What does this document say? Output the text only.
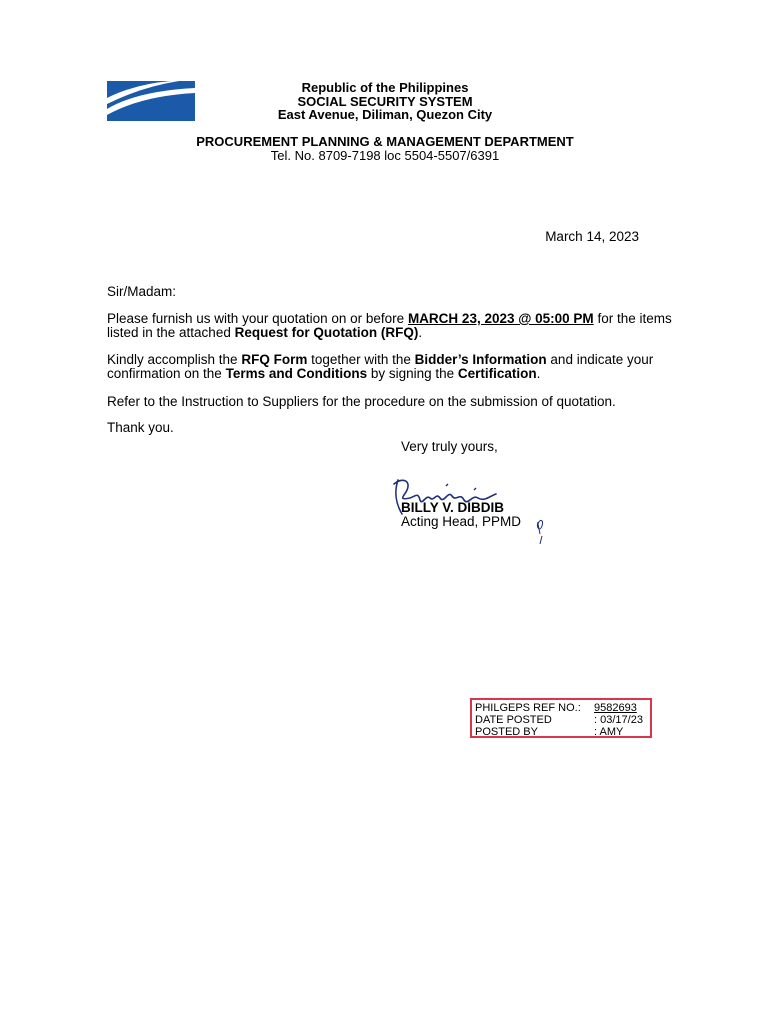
Republic of the Philippines

SOCIAL SECURITY SYSTEM

East Avenue, Diliman, Quezon City

PROCUREMENT PLANNING & MANAGEMENT DEPARTMENT

Tel. No. 8709-7198 loc 5504-5507/6391

March 14, 2023

Sir/Madam:

Please furnish us with your quotation on or before MARCH 23, 2023 @ 05:00 PM for the items listed in the attached Request for Quotation (RFQ).

Kindly accomplish the RFQ Form together with the Bidder’s Information and indicate your confirmation on the Terms and Conditions by signing the Certification.

Refer to the Instruction to Suppliers for the procedure on the submission of quotation.

Thank you.

Very truly yours,
BILLY V. DIBDIB
Acting Head, PPMD
PHILGEPS REF NO.:	9582693
DATE POSTED	: 03/17/23
POSTED BY	: AMY
